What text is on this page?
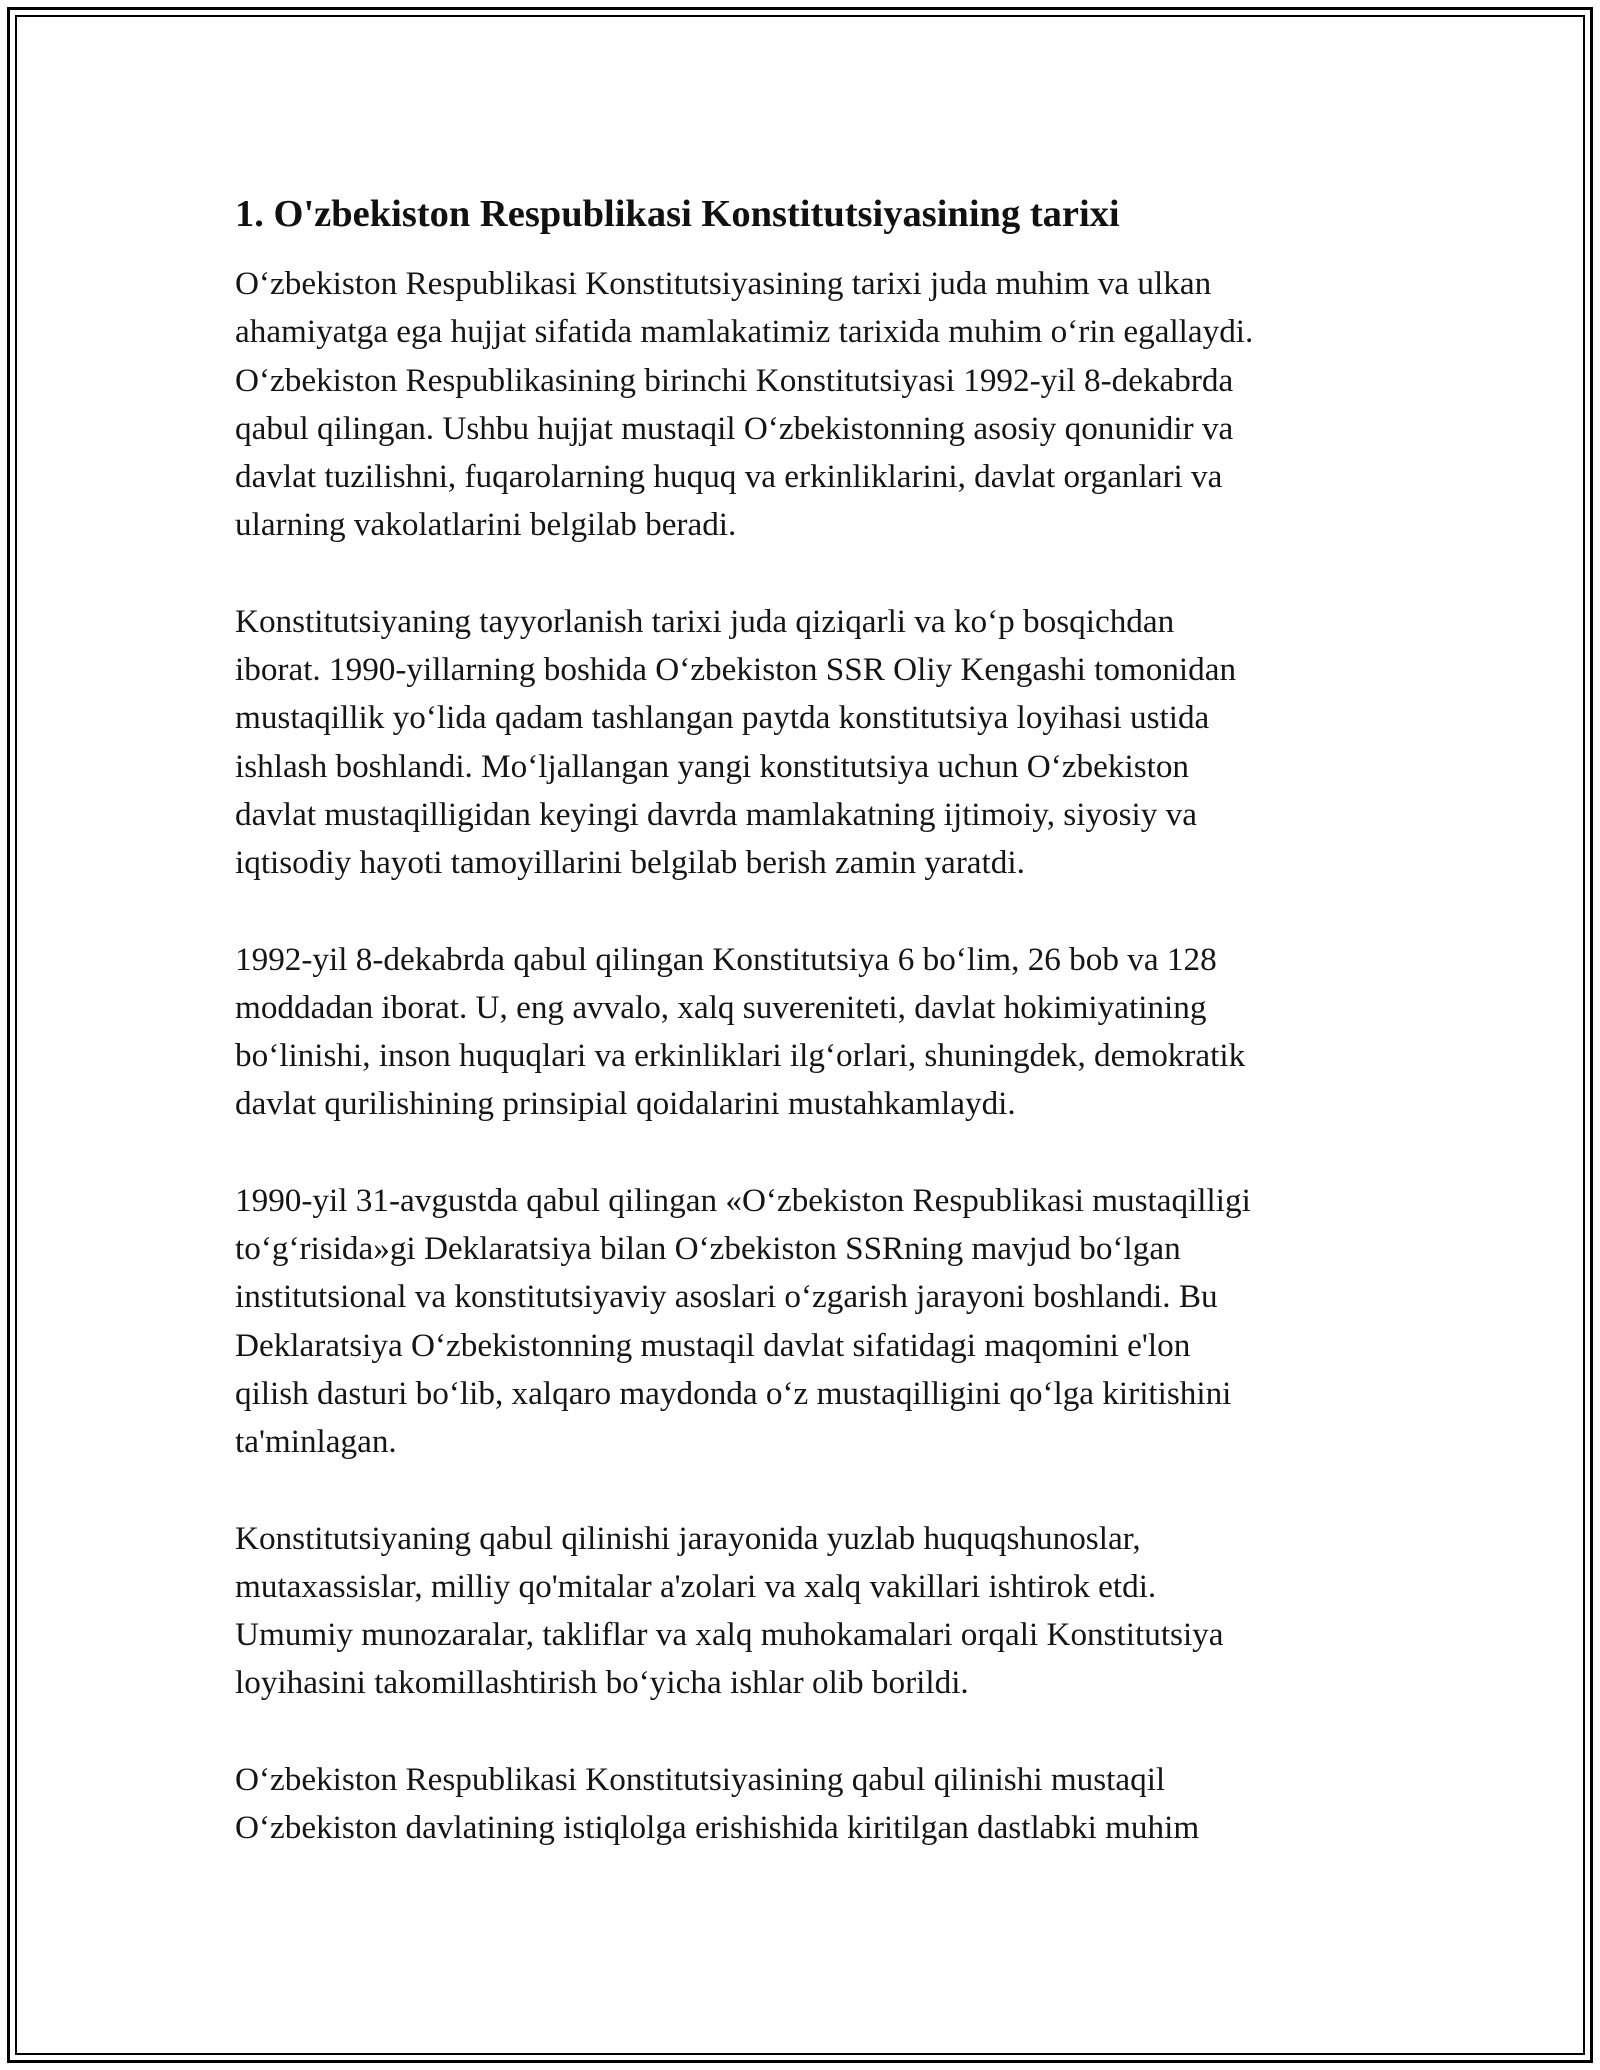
1. O'zbekiston Respublikasi Konstitutsiyasining tarixi

O‘zbekiston Respublikasi Konstitutsiyasining tarixi juda muhim va ulkan
ahamiyatga ega hujjat sifatida mamlakatimiz tarixida muhim o‘rin egallaydi.
O‘zbekiston Respublikasining birinchi Konstitutsiyasi 1992-yil 8-dekabrda
qabul qilingan. Ushbu hujjat mustaqil O‘zbekistonning asosiy qonunidir va
davlat tuzilishni, fuqarolarning huquq va erkinliklarini, davlat organlari va
ularning vakolatlarini belgilab beradi.

Konstitutsiyaning tayyorlanish tarixi juda qiziqarli va ko‘p bosqichdan
iborat. 1990-yillarning boshida O‘zbekiston SSR Oliy Kengashi tomonidan
mustaqillik yo‘lida qadam tashlangan paytda konstitutsiya loyihasi ustida
ishlash boshlandi. Mo‘ljallangan yangi konstitutsiya uchun O‘zbekiston
davlat mustaqilligidan keyingi davrda mamlakatning ijtimoiy, siyosiy va
iqtisodiy hayoti tamoyillarini belgilab berish zamin yaratdi.

1992-yil 8-dekabrda qabul qilingan Konstitutsiya 6 bo‘lim, 26 bob va 128
moddadan iborat. U, eng avvalo, xalq suvereniteti, davlat hokimiyatining
bo‘linishi, inson huquqlari va erkinliklari ilg‘orlari, shuningdek, demokratik
davlat qurilishining prinsipial qoidalarini mustahkamlaydi.

1990-yil 31-avgustda qabul qilingan «O‘zbekiston Respublikasi mustaqilligi
to‘g‘risida»gi Deklaratsiya bilan O‘zbekiston SSRning mavjud bo‘lgan
institutsional va konstitutsiyaviy asoslari o‘zgarish jarayoni boshlandi. Bu
Deklaratsiya O‘zbekistonning mustaqil davlat sifatidagi maqomini e'lon
qilish dasturi bo‘lib, xalqaro maydonda o‘z mustaqilligini qo‘lga kiritishini
ta'minlagan.

Konstitutsiyaning qabul qilinishi jarayonida yuzlab huquqshunoslar,
mutaxassislar, milliy qo'mitalar a'zolari va xalq vakillari ishtirok etdi.
Umumiy munozaralar, takliflar va xalq muhokamalari orqali Konstitutsiya
loyihasini takomillashtirish bo‘yicha ishlar olib borildi.

O‘zbekiston Respublikasi Konstitutsiyasining qabul qilinishi mustaqil
O‘zbekiston davlatining istiqlolga erishishida kiritilgan dastlabki muhim
